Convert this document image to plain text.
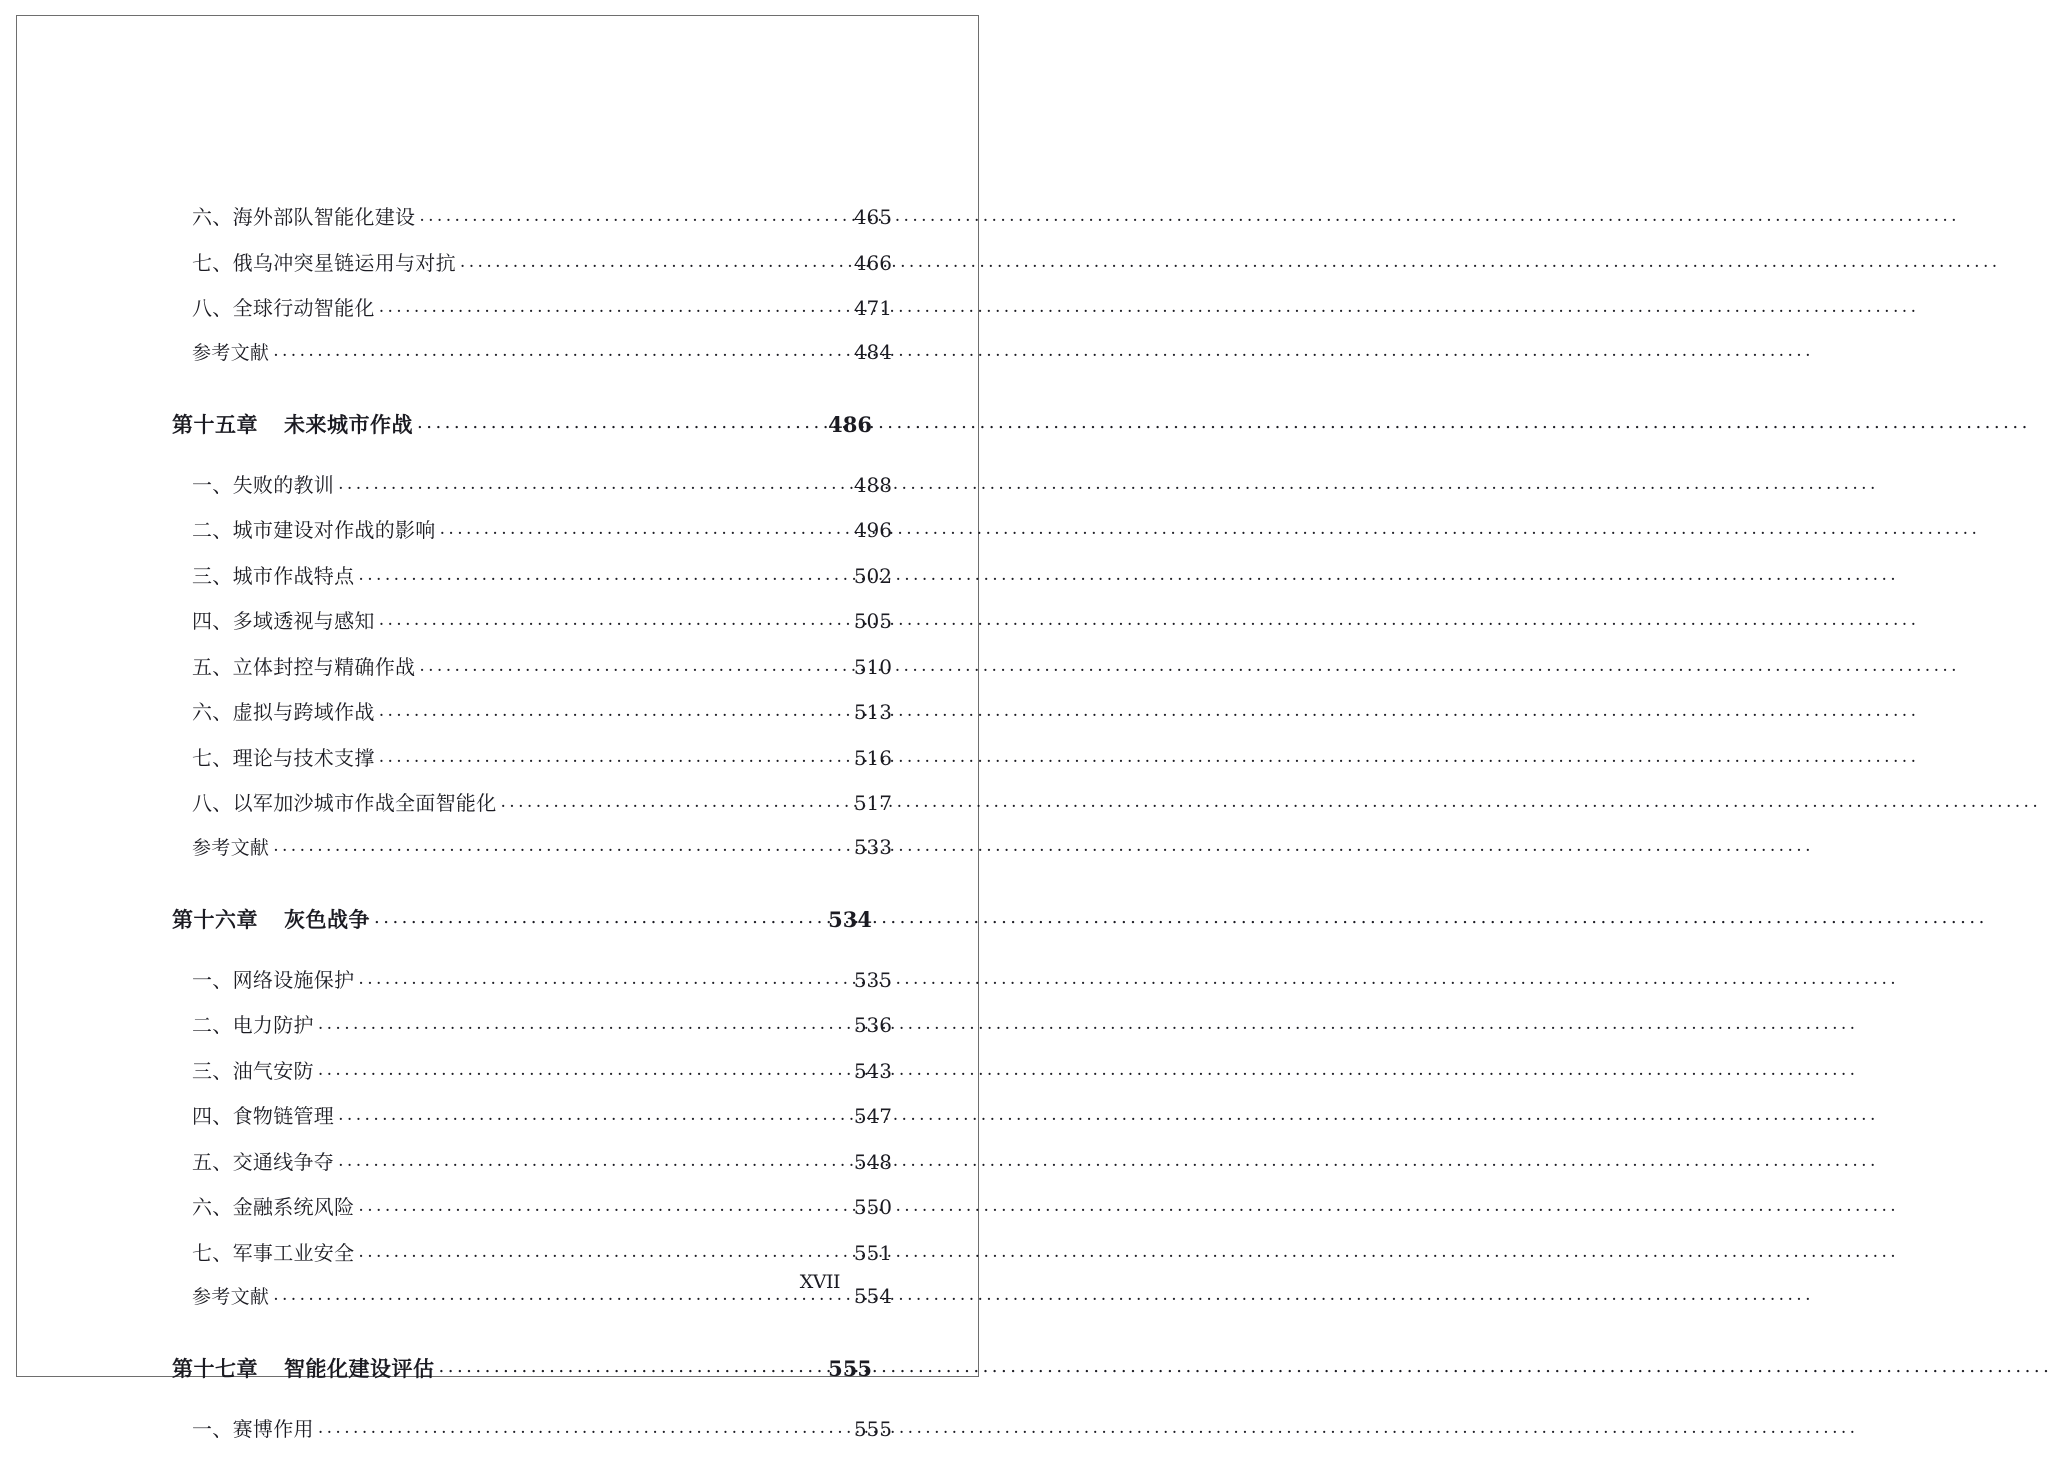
六、海外部队智能化建设 .....	465
七、俄乌冲突星链运用与对抗 .....	466
八、全球行动智能化 .....	471
参考文献 .....	484
第十五章 未来城市作战 .....	486
一、失败的教训 .....	488
二、城市建设对作战的影响 .....	496
三、城市作战特点 .....	502
四、多域透视与感知 .....	505
五、立体封控与精确作战 .....	510
六、虚拟与跨域作战 .....	513
七、理论与技术支撑 .....	516
八、以军加沙城市作战全面智能化 .....	517
参考文献 .....	533
第十六章 灰色战争 .....	534
一、网络设施保护 .....	535
二、电力防护 .....	536
三、油气安防 .....	543
四、食物链管理 .....	547
五、交通线争夺 .....	548
六、金融系统风险 .....	550
七、军事工业安全 .....	551
参考文献 .....	554
第十七章 智能化建设评估 .....	555
一、赛博作用 .....	555
XVII
